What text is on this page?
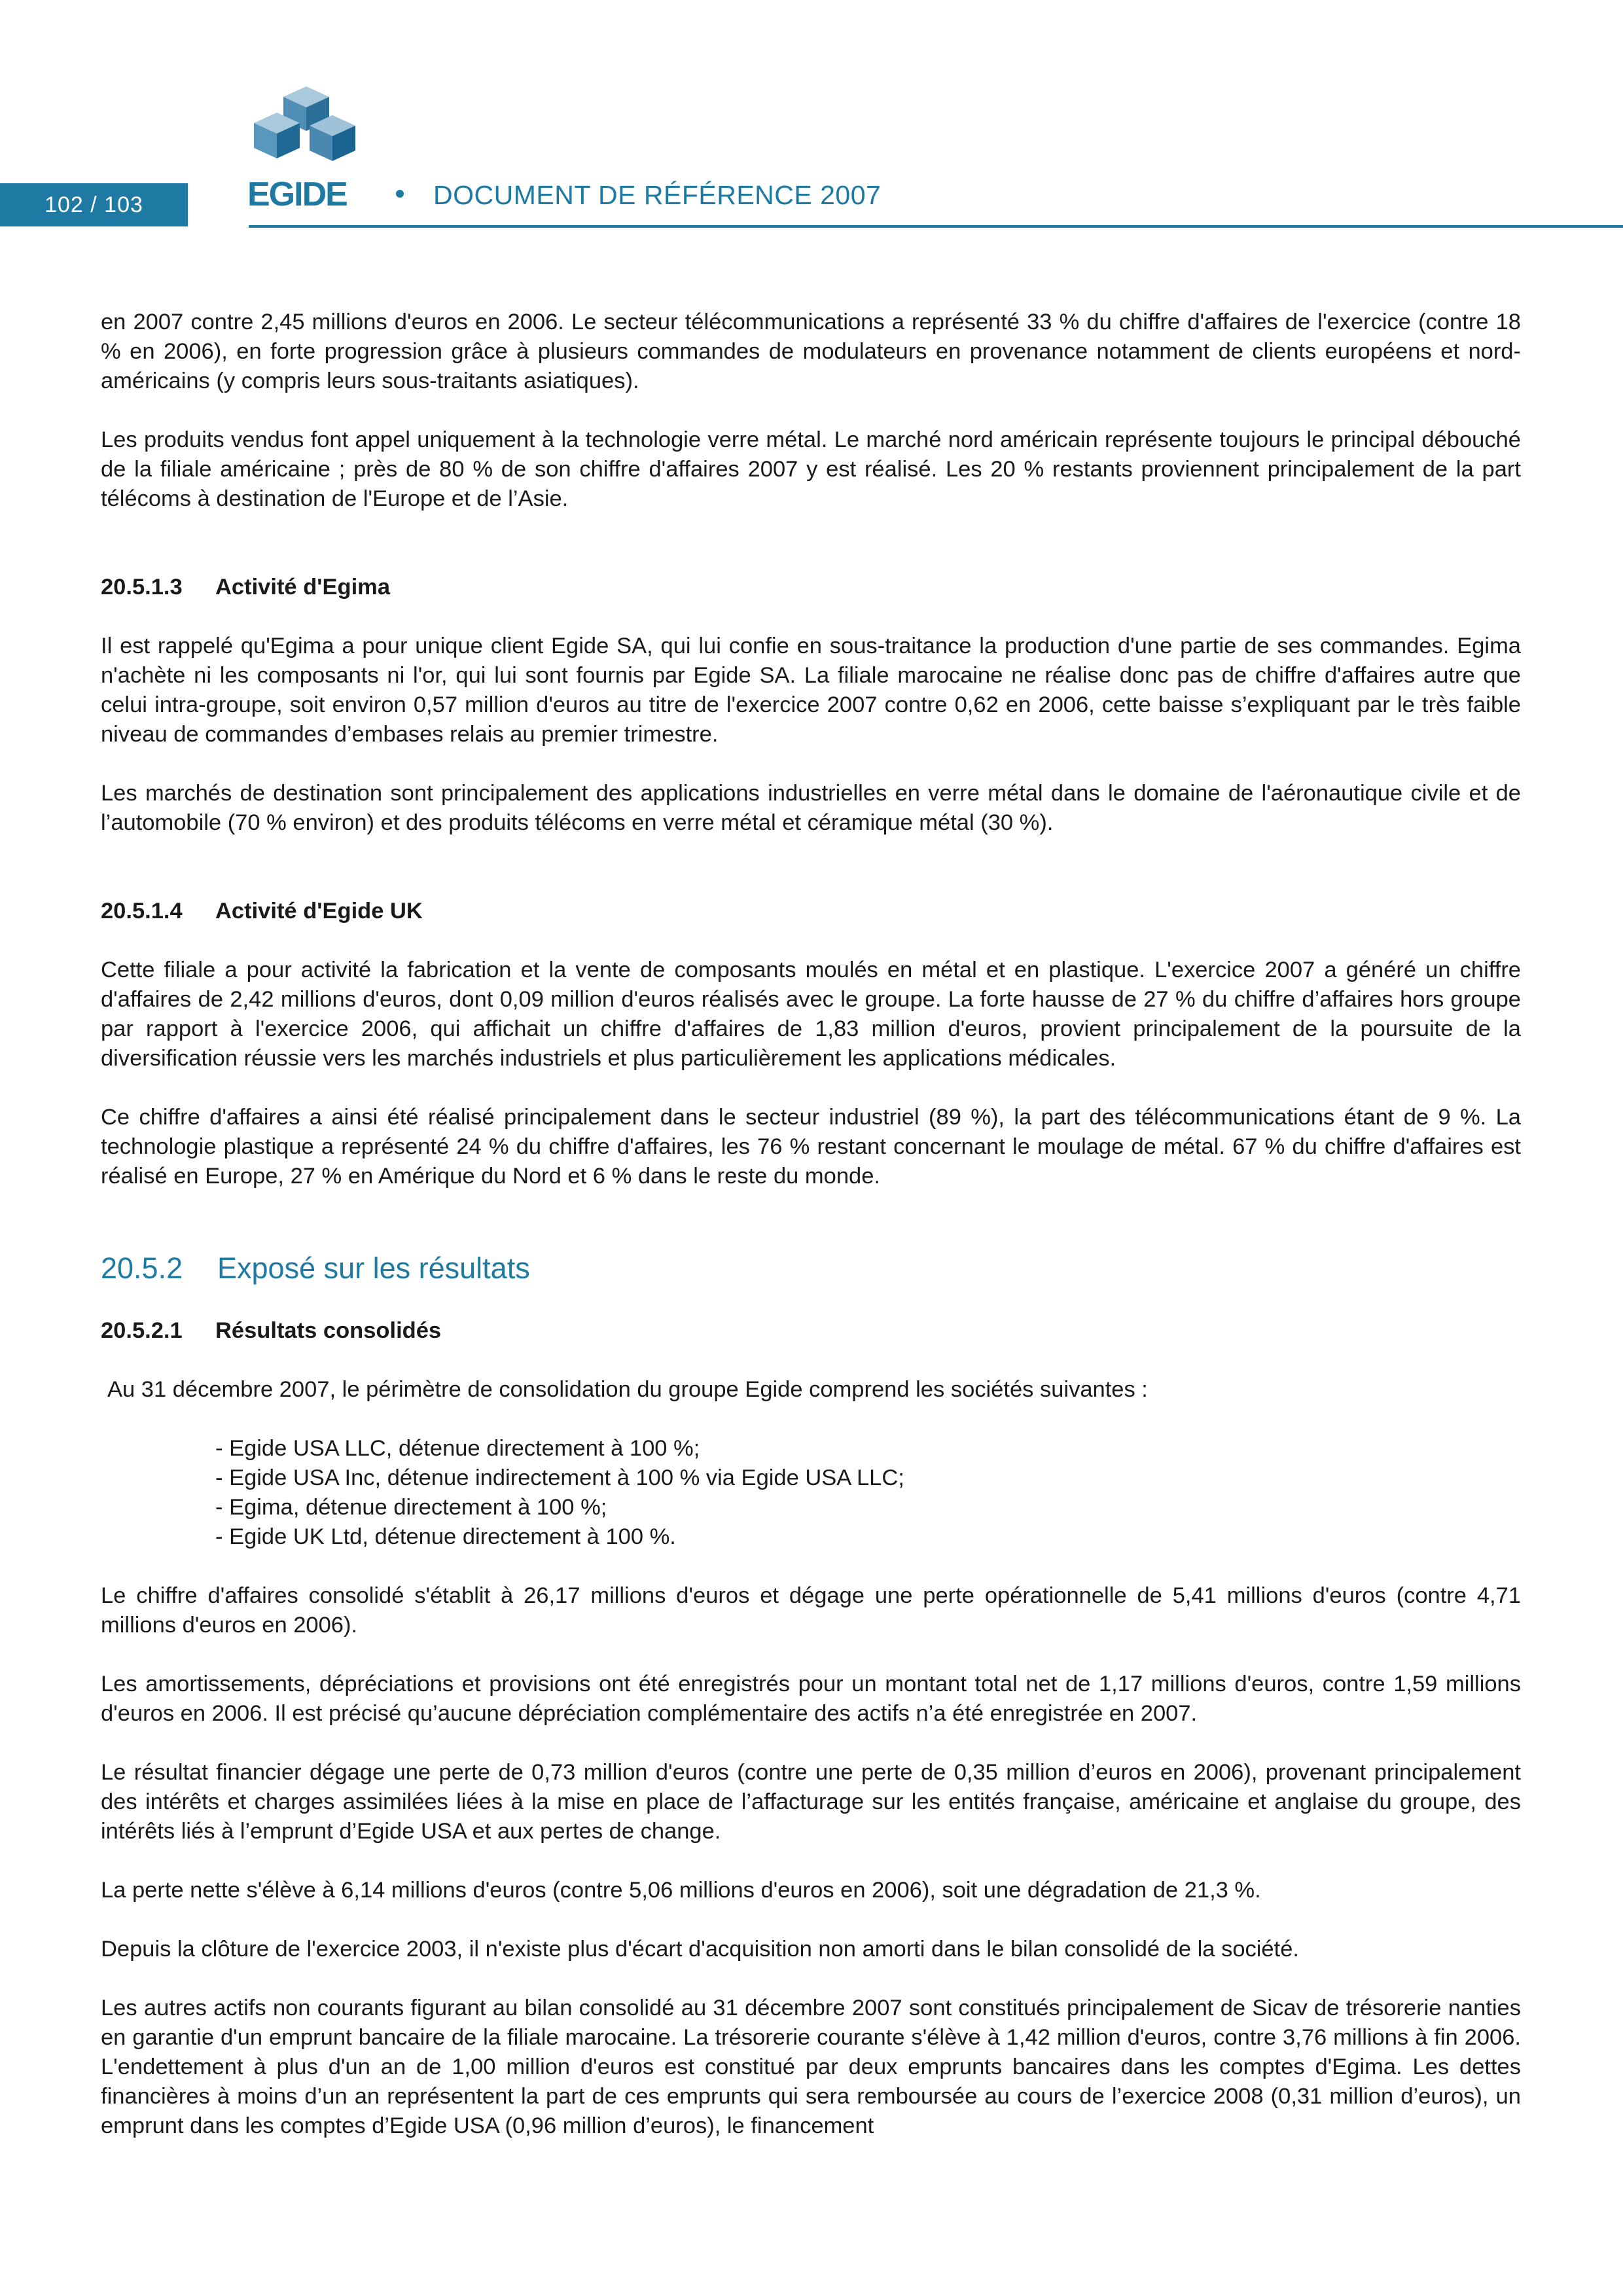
102 / 103	EGIDE	DOCUMENT DE RÉFÉRENCE 2007

en 2007 contre 2,45 millions d'euros en 2006. Le secteur télécommunications a représenté 33 % du chiffre d'affaires de l'exercice (contre 18 % en 2006), en forte progression grâce à plusieurs commandes de modulateurs en provenance notamment de clients européens et nord-américains (y compris leurs sous-traitants asiatiques).

Les produits vendus font appel uniquement à la technologie verre métal. Le marché nord américain représente toujours le principal débouché de la filiale américaine ; près de 80 % de son chiffre d'affaires 2007 y est réalisé. Les 20 % restants proviennent principalement de la part télécoms à destination de l'Europe et de l’Asie.

20.5.1.3 Activité d'Egima

Il est rappelé qu'Egima a pour unique client Egide SA, qui lui confie en sous-traitance la production d'une partie de ses commandes. Egima n'achète ni les composants ni l'or, qui lui sont fournis par Egide SA. La filiale marocaine ne réalise donc pas de chiffre d'affaires autre que celui intra-groupe, soit environ 0,57 million d'euros au titre de l'exercice 2007 contre 0,62 en 2006, cette baisse s’expliquant par le très faible niveau de commandes d’embases relais au premier trimestre.

Les marchés de destination sont principalement des applications industrielles en verre métal dans le domaine de l'aéronautique civile et de l’automobile (70 % environ) et des produits télécoms en verre métal et céramique métal (30 %).

20.5.1.4 Activité d'Egide UK

Cette filiale a pour activité la fabrication et la vente de composants moulés en métal et en plastique. L'exercice 2007 a généré un chiffre d'affaires de 2,42 millions d'euros, dont 0,09 million d'euros réalisés avec le groupe. La forte hausse de 27 % du chiffre d’affaires hors groupe par rapport à l'exercice 2006, qui affichait un chiffre d'affaires de 1,83 million d'euros, provient principalement de la poursuite de la diversification réussie vers les marchés industriels et plus particulièrement les applications médicales.

Ce chiffre d'affaires a ainsi été réalisé principalement dans le secteur industriel (89 %), la part des télécommunications étant de 9 %. La technologie plastique a représenté 24 % du chiffre d'affaires, les 76 % restant concernant le moulage de métal. 67 % du chiffre d'affaires est réalisé en Europe, 27 % en Amérique du Nord et 6 % dans le reste du monde.

20.5.2 Exposé sur les résultats
20.5.2.1 Résultats consolidés

Au 31 décembre 2007, le périmètre de consolidation du groupe Egide comprend les sociétés suivantes :

- Egide USA LLC, détenue directement à 100 %;
- Egide USA Inc, détenue indirectement à 100 % via Egide USA LLC;
- Egima, détenue directement à 100 %;
- Egide UK Ltd, détenue directement à 100 %.

Le chiffre d'affaires consolidé s'établit à 26,17 millions d'euros et dégage une perte opérationnelle de 5,41 millions d'euros (contre 4,71 millions d'euros en 2006).

Les amortissements, dépréciations et provisions ont été enregistrés pour un montant total net de 1,17 millions d'euros, contre 1,59 millions d'euros en 2006. Il est précisé qu’aucune dépréciation complémentaire des actifs n’a été enregistrée en 2007.

Le résultat financier dégage une perte de 0,73 million d'euros (contre une perte de 0,35 million d’euros en 2006), provenant principalement des intérêts et charges assimilées liées à la mise en place de l’affacturage sur les entités française, américaine et anglaise du groupe, des intérêts liés à l’emprunt d’Egide USA et aux pertes de change.

La perte nette s'élève à 6,14 millions d'euros (contre 5,06 millions d'euros en 2006), soit une dégradation de 21,3 %.

Depuis la clôture de l'exercice 2003, il n'existe plus d'écart d'acquisition non amorti dans le bilan consolidé de la société.

Les autres actifs non courants figurant au bilan consolidé au 31 décembre 2007 sont constitués principalement de Sicav de trésorerie nanties en garantie d'un emprunt bancaire de la filiale marocaine. La trésorerie courante s'élève à 1,42 million d'euros, contre 3,76 millions à fin 2006. L'endettement à plus d'un an de 1,00 million d'euros est constitué par deux emprunts bancaires dans les comptes d'Egima. Les dettes financières à moins d’un an représentent la part de ces emprunts qui sera remboursée au cours de l’exercice 2008 (0,31 million d’euros), un emprunt dans les comptes d’Egide USA (0,96 million d’euros), le financement
